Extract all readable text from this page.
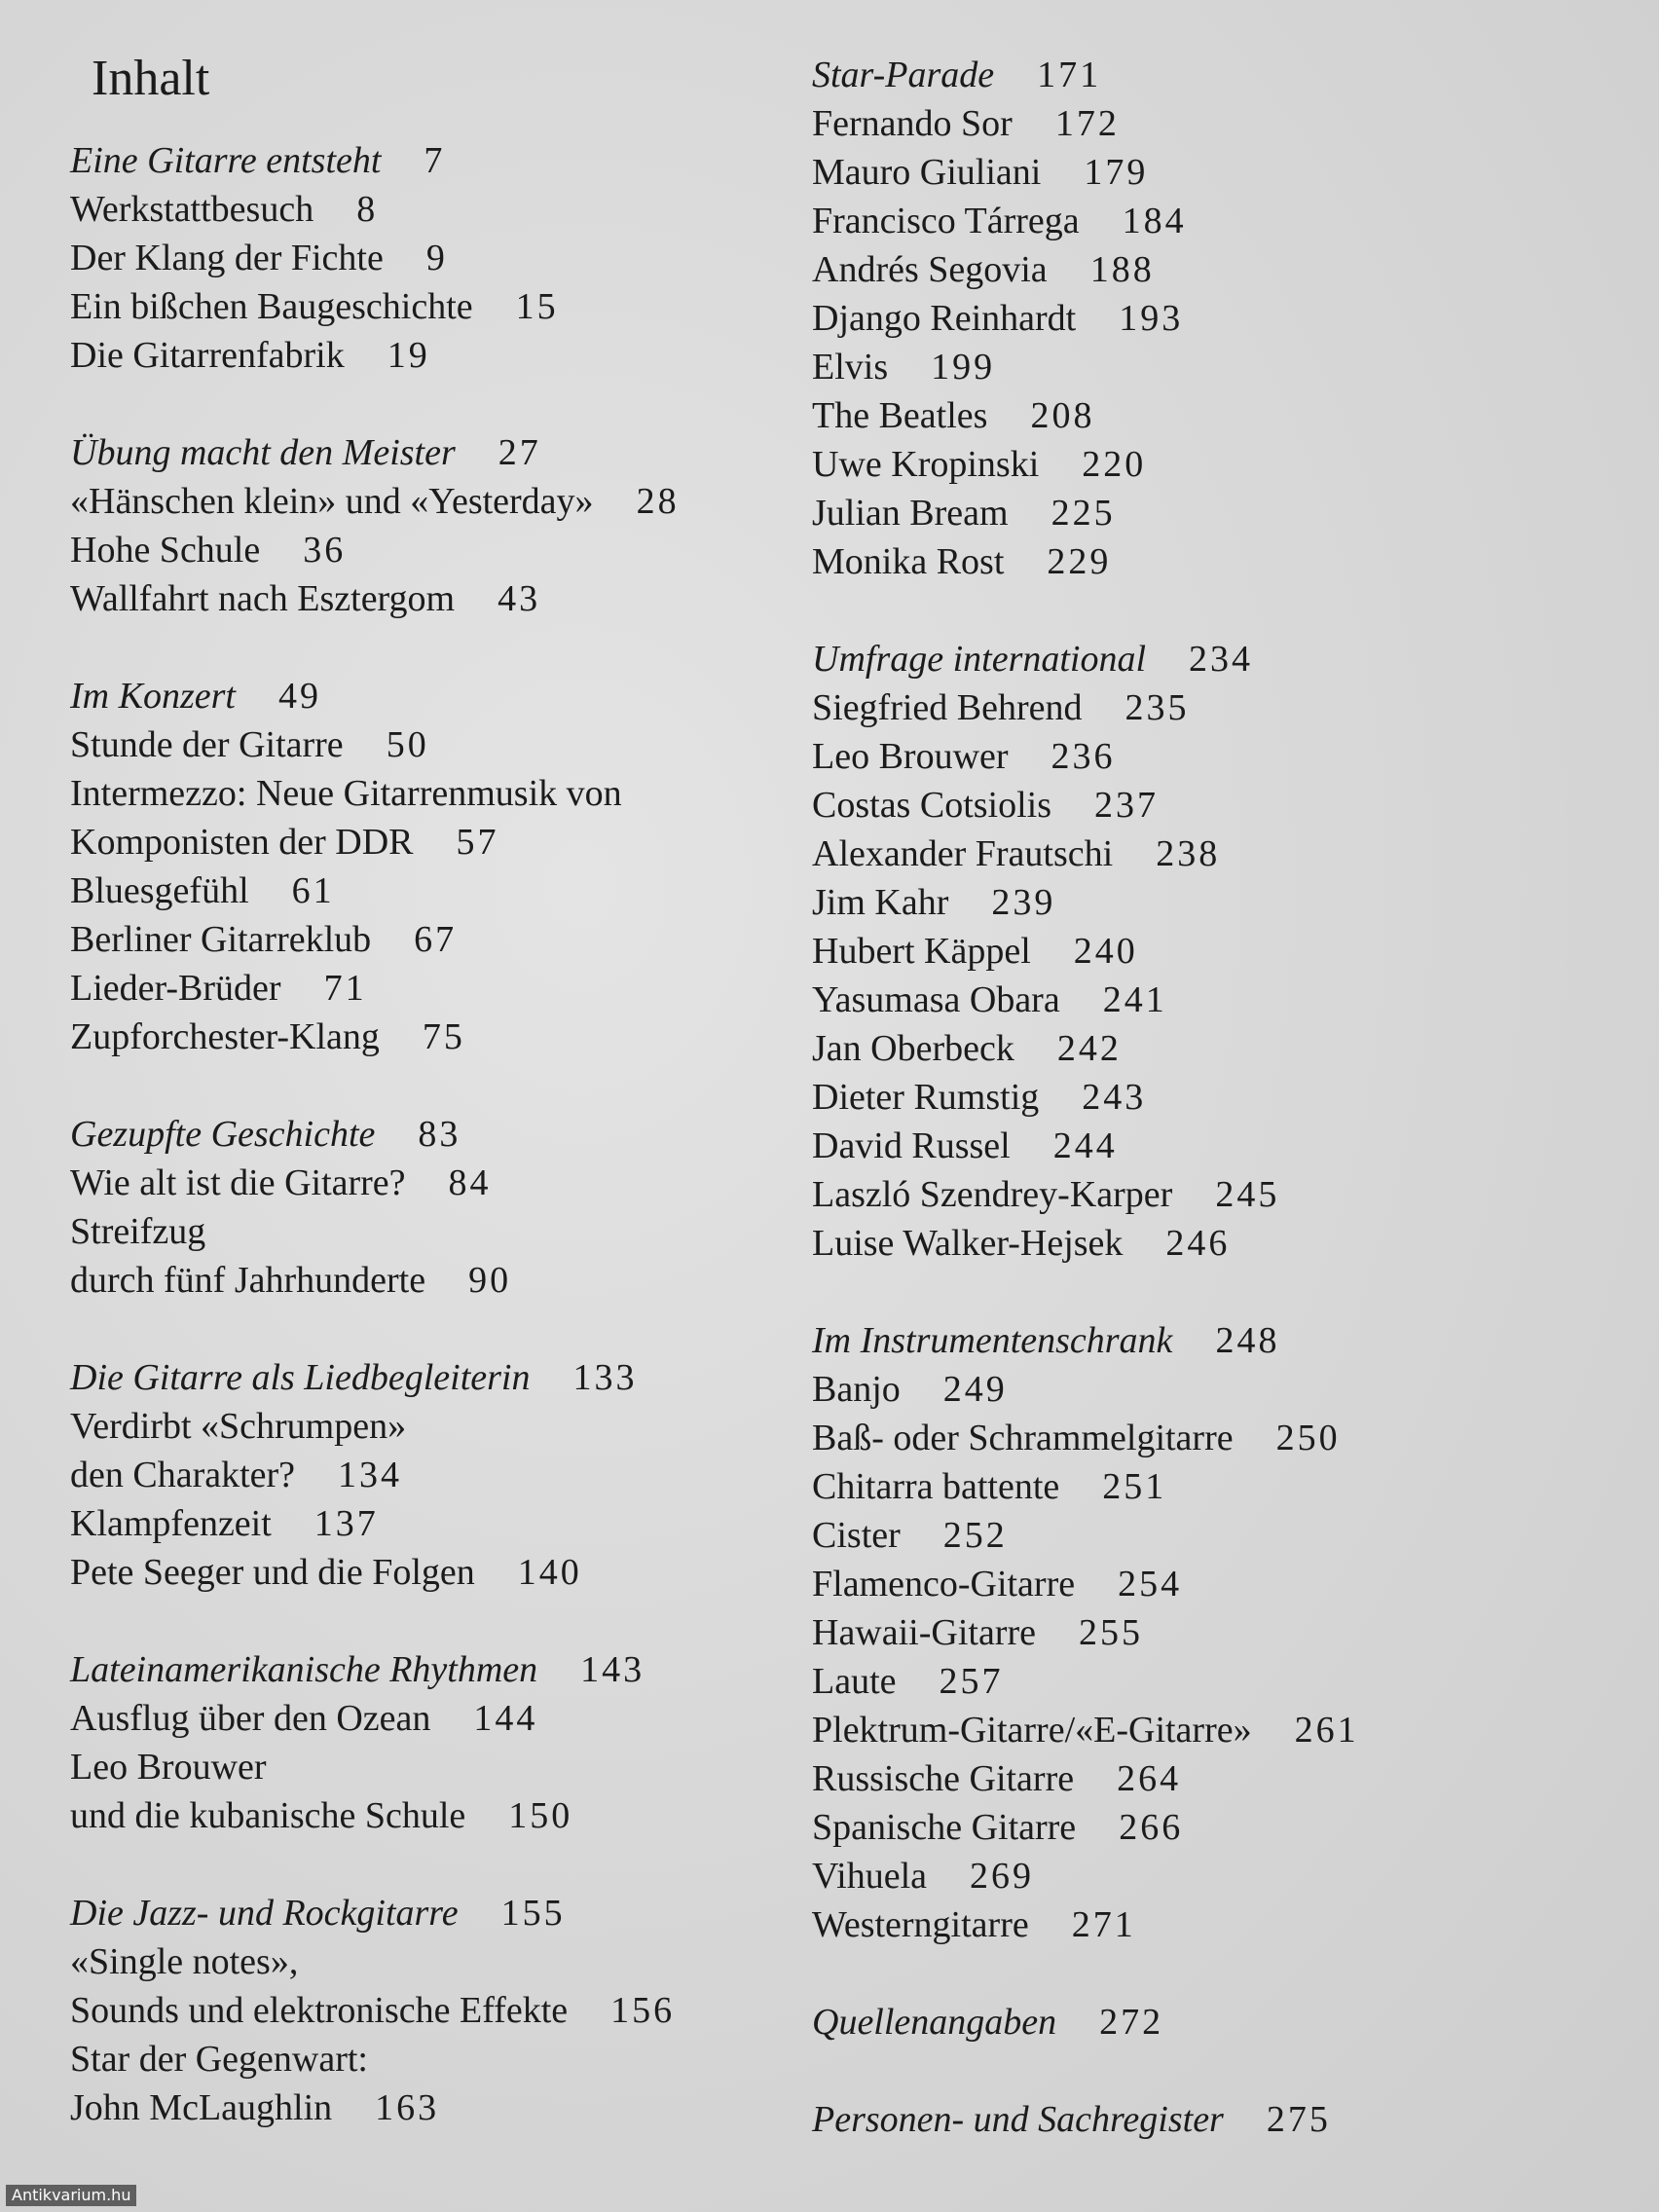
Inhalt
Eine Gitarre entsteht 7
Werkstattbesuch 8
Der Klang der Fichte 9
Ein bißchen Baugeschichte 15
Die Gitarrenfabrik 19
Übung macht den Meister 27
«Hänschen klein» und «Yesterday» 28
Hohe Schule 36
Wallfahrt nach Esztergom 43
Im Konzert 49
Stunde der Gitarre 50
Intermezzo: Neue Gitarrenmusik von
Komponisten der DDR 57
Bluesgefühl 61
Berliner Gitarreklub 67
Lieder-Brüder 71
Zupforchester-Klang 75
Gezupfte Geschichte 83
Wie alt ist die Gitarre? 84
Streifzug
durch fünf Jahrhunderte 90
Die Gitarre als Liedbegleiterin 133
Verdirbt «Schrumpen»
den Charakter? 134
Klampfenzeit 137
Pete Seeger und die Folgen 140
Lateinamerikanische Rhythmen 143
Ausflug über den Ozean 144
Leo Brouwer
und die kubanische Schule 150
Die Jazz- und Rockgitarre 155
«Single notes»,
Sounds und elektronische Effekte 156
Star der Gegenwart:
John McLaughlin 163
Star-Parade 171
Fernando Sor 172
Mauro Giuliani 179
Francisco Tárrega 184
Andrés Segovia 188
Django Reinhardt 193
Elvis 199
The Beatles 208
Uwe Kropinski 220
Julian Bream 225
Monika Rost 229
Umfrage international 234
Siegfried Behrend 235
Leo Brouwer 236
Costas Cotsiolis 237
Alexander Frautschi 238
Jim Kahr 239
Hubert Käppel 240
Yasumasa Obara 241
Jan Oberbeck 242
Dieter Rumstig 243
David Russel 244
Laszló Szendrey-Karper 245
Luise Walker-Hejsek 246
Im Instrumentenschrank 248
Banjo 249
Baß- oder Schrammelgitarre 250
Chitarra battente 251
Cister 252
Flamenco-Gitarre 254
Hawaii-Gitarre 255
Laute 257
Plektrum-Gitarre/«E-Gitarre» 261
Russische Gitarre 264
Spanische Gitarre 266
Vihuela 269
Westerngitarre 271
Quellenangaben 272
Personen- und Sachregister 275
Antikvarium.hu
